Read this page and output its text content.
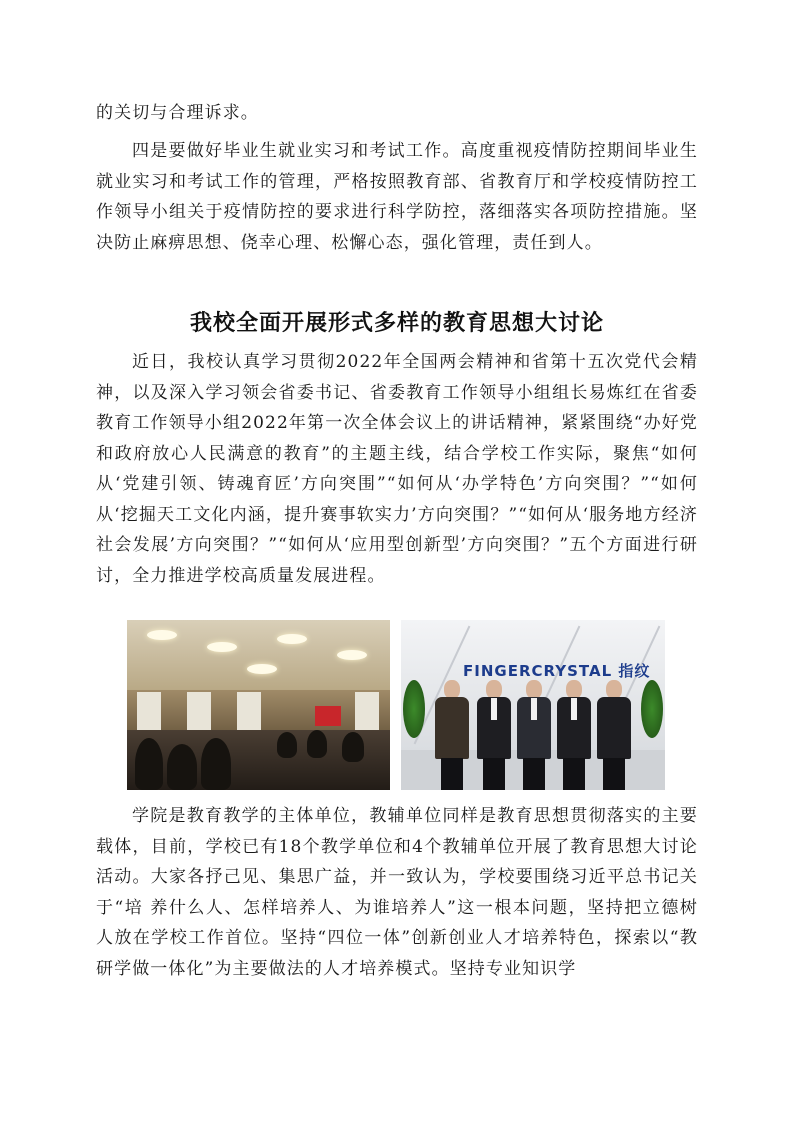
的关切与合理诉求。

四是要做好毕业生就业实习和考试工作。高度重视疫情防控期间毕业生就业实习和考试工作的管理，严格按照教育部、省教育厅和学校疫情防控工作领导小组关于疫情防控的要求进行科学防控，落细落实各项防控措施。坚决防止麻痹思想、侥幸心理、松懈心态，强化管理，责任到人。

我校全面开展形式多样的教育思想大讨论

近日，我校认真学习贯彻2022年全国两会精神和省第十五次党代会精神，以及深入学习领会省委书记、省委教育工作领导小组组长易炼红在省委教育工作领导小组2022年第一次全体会议上的讲话精神，紧紧围绕“办好党和政府放心人民满意的教育”的主题主线，结合学校工作实际，聚焦“如何从‘党建引领、铸魂育匠’方向突围”“如何从‘办学特色’方向突围？”“如何从‘挖掘天工文化内涵，提升赛事软实力’方向突围？”“如何从‘服务地方经济社会发展’方向突围？”“如何从‘应用型创新型’方向突围？”五个方面进行研讨，全力推进学校高质量发展进程。

FINGERCRYSTAL 指纹

学院是教育教学的主体单位，教辅单位同样是教育思想贯彻落实的主要载体，目前，学校已有18个教学单位和4个教辅单位开展了教育思想大讨论活动。大家各抒己见、集思广益，并一致认为，学校要围绕习近平总书记关于“培 养什么人、怎样培养人、为谁培养人”这一根本问题，坚持把立德树人放在学校工作首位。坚持“四位一体”创新创业人才培养特色，探索以“教研学做一体化”为主要做法的人才培养模式。坚持专业知识学
